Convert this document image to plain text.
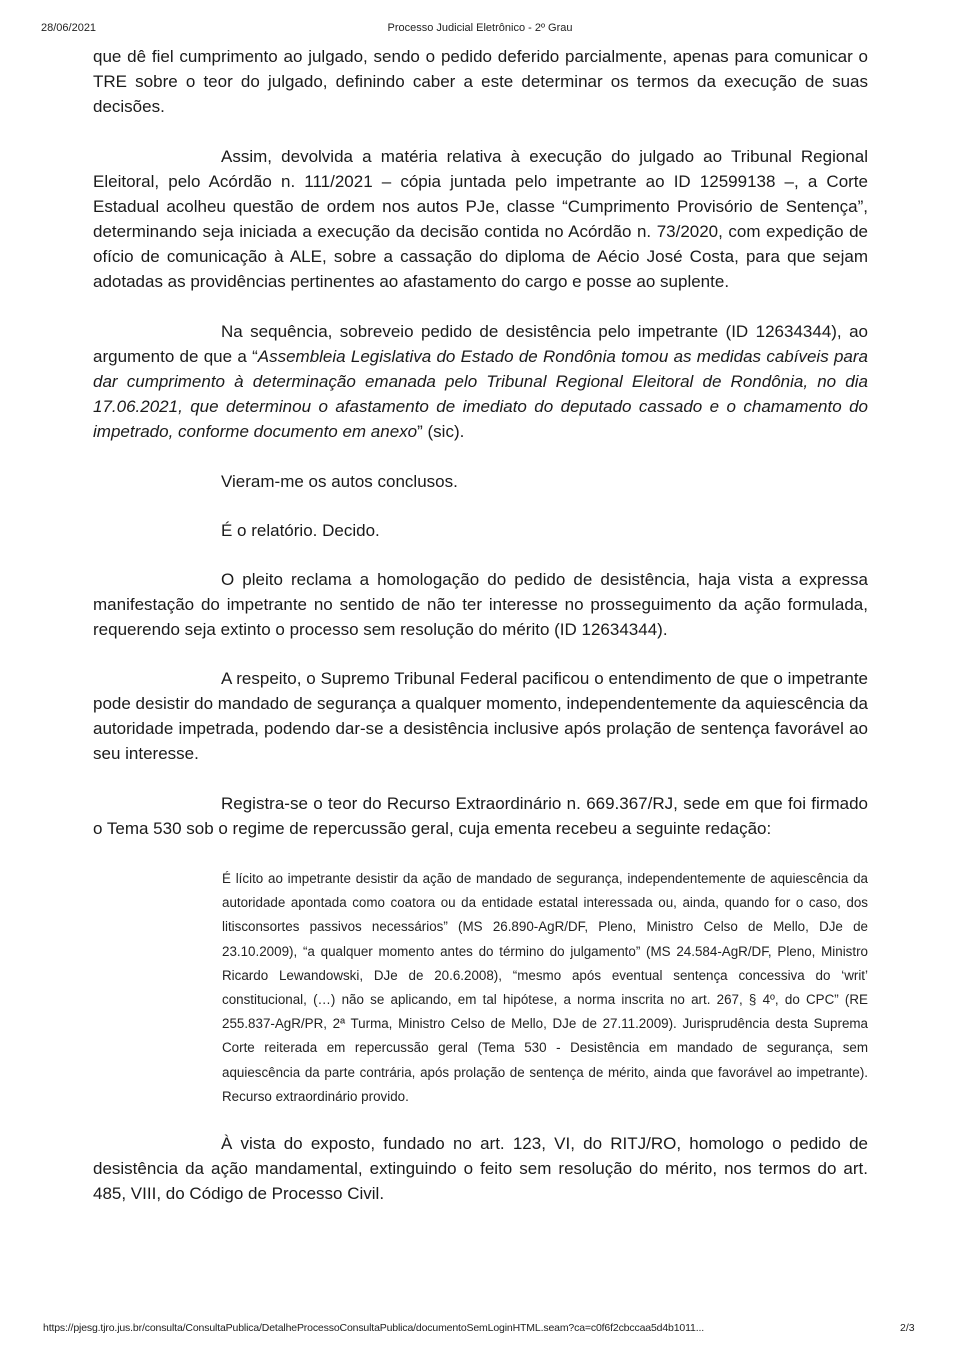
28/06/2021	Processo Judicial Eletrônico - 2º Grau

que dê fiel cumprimento ao julgado, sendo o pedido deferido parcialmente, apenas para comunicar o TRE sobre o teor do julgado, definindo caber a este determinar os termos da execução de suas decisões.

Assim, devolvida a matéria relativa à execução do julgado ao Tribunal Regional Eleitoral, pelo Acórdão n. 111/2021 – cópia juntada pelo impetrante ao ID 12599138 –, a Corte Estadual acolheu questão de ordem nos autos PJe, classe “Cumprimento Provisório de Sentença”, determinando seja iniciada a execução da decisão contida no Acórdão n. 73/2020, com expedição de ofício de comunicação à ALE, sobre a cassação do diploma de Aécio José Costa, para que sejam adotadas as providências pertinentes ao afastamento do cargo e posse ao suplente.

Na sequência, sobreveio pedido de desistência pelo impetrante (ID 12634344), ao argumento de que a “Assembleia Legislativa do Estado de Rondônia tomou as medidas cabíveis para dar cumprimento à determinação emanada pelo Tribunal Regional Eleitoral de Rondônia, no dia 17.06.2021, que determinou o afastamento de imediato do deputado cassado e o chamamento do impetrado, conforme documento em anexo” (sic).

Vieram-me os autos conclusos.

É o relatório. Decido.

O pleito reclama a homologação do pedido de desistência, haja vista a expressa manifestação do impetrante no sentido de não ter interesse no prosseguimento da ação formulada, requerendo seja extinto o processo sem resolução do mérito (ID 12634344).

A respeito, o Supremo Tribunal Federal pacificou o entendimento de que o impetrante pode desistir do mandado de segurança a qualquer momento, independentemente da aquiescência da autoridade impetrada, podendo dar-se a desistência inclusive após prolação de sentença favorável ao seu interesse.

Registra-se o teor do Recurso Extraordinário n. 669.367/RJ, sede em que foi firmado o Tema 530 sob o regime de repercussão geral, cuja ementa recebeu a seguinte redação:

É lícito ao impetrante desistir da ação de mandado de segurança, independentemente de aquiescência da autoridade apontada como coatora ou da entidade estatal interessada ou, ainda, quando for o caso, dos litisconsortes passivos necessários” (MS 26.890-AgR/DF, Pleno, Ministro Celso de Mello, DJe de 23.10.2009), “a qualquer momento antes do término do julgamento” (MS 24.584-AgR/DF, Pleno, Ministro Ricardo Lewandowski, DJe de 20.6.2008), “mesmo após eventual sentença concessiva do ‘writ’ constitucional, (…) não se aplicando, em tal hipótese, a norma inscrita no art. 267, § 4º, do CPC” (RE 255.837-AgR/PR, 2ª Turma, Ministro Celso de Mello, DJe de 27.11.2009). Jurisprudência desta Suprema Corte reiterada em repercussão geral (Tema 530 - Desistência em mandado de segurança, sem aquiescência da parte contrária, após prolação de sentença de mérito, ainda que favorável ao impetrante). Recurso extraordinário provido.

À vista do exposto, fundado no art. 123, VI, do RITJ/RO, homologo o pedido de desistência da ação mandamental, extinguindo o feito sem resolução do mérito, nos termos do art. 485, VIII, do Código de Processo Civil.

https://pjesg.tjro.jus.br/consulta/ConsultaPublica/DetalheProcessoConsultaPublica/documentoSemLoginHTML.seam?ca=c0f6f2cbccaa5d4b1011...	2/3
